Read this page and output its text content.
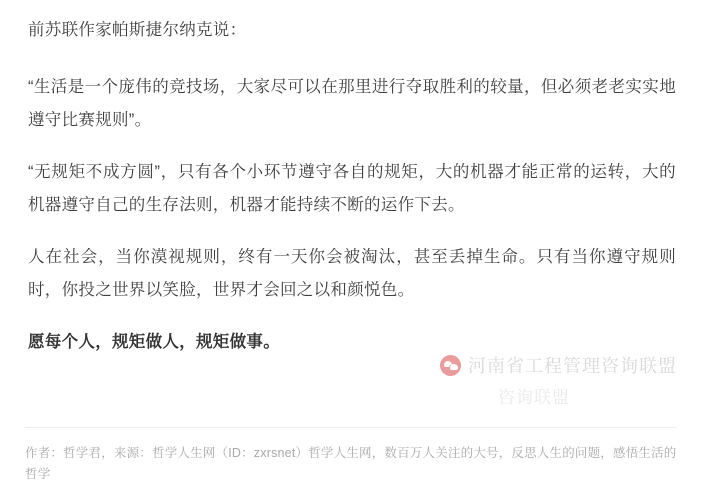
前苏联作家帕斯捷尔纳克说：

“生活是一个庞伟的竞技场，大家尽可以在那里进行夺取胜利的较量，但必须老老实实地遵守比赛规则”。

“无规矩不成方圆”，只有各个小环节遵守各自的规矩，大的机器才能正常的运转，大的机器遵守自己的生存法则，机器才能持续不断的运作下去。

人在社会，当你漠视规则，终有一天你会被淘汰，甚至丢掉生命。只有当你遵守规则时，你投之世界以笑脸，世界才会回之以和颜悦色。

愿每个人，规矩做人，规矩做事。

河南省工程管理咨询联盟
咨询联盟
作者：哲学君，来源：哲学人生网（ID：zxrsnet）哲学人生网，数百万人关注的大号，反思人生的问题，感悟生活的哲学
